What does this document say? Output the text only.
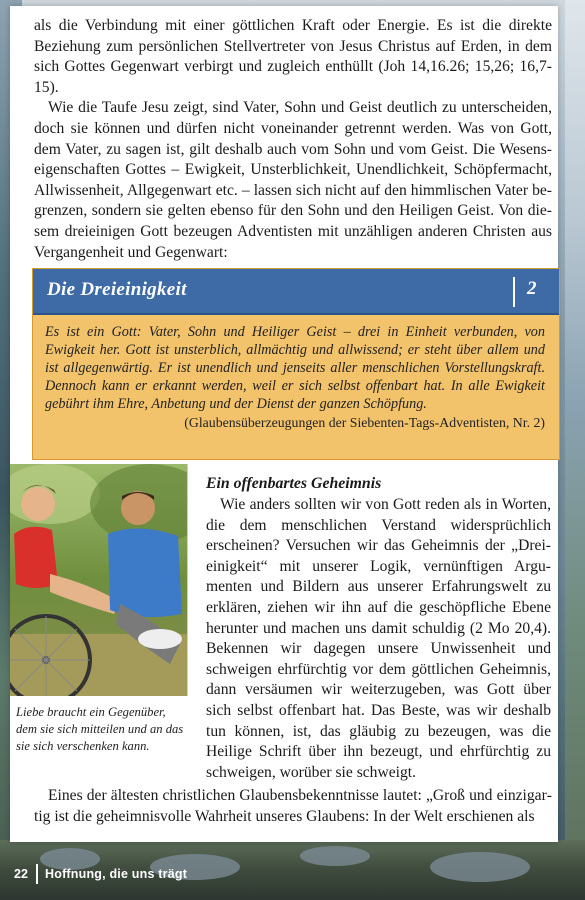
als die Verbindung mit einer göttlichen Kraft oder Energie. Es ist die direkte Beziehung zum persönlichen Stellvertreter von Jesus Christus auf Erden, in dem sich Gottes Gegenwart verbirgt und zugleich enthüllt (Joh 14,16.26; 15,26; 16,7-15).

Wie die Taufe Jesu zeigt, sind Vater, Sohn und Geist deutlich zu unterscheiden, doch sie können und dürfen nicht voneinander getrennt werden. Was von Gott, dem Vater, zu sagen ist, gilt deshalb auch vom Sohn und vom Geist. Die Wesenseigenschaften Gottes – Ewigkeit, Unsterblichkeit, Unendlichkeit, Schöpfermacht, Allwissenheit, Allgegenwart etc. – lassen sich nicht auf den himmlischen Vater begrenzen, sondern sie gelten ebenso für den Sohn und den Heiligen Geist. Von diesem dreieinigen Gott bezeugen Adventisten mit unzähligen anderen Christen aus Vergangenheit und Gegenwart:

Die Dreieinigkeit	2
Es ist ein Gott: Vater, Sohn und Heiliger Geist – drei in Einheit verbunden, von Ewigkeit her. Gott ist unsterblich, allmächtig und allwissend; er steht über allem und ist allgegenwärtig. Er ist unendlich und jenseits aller menschlichen Vorstellungskraft. Dennoch kann er erkannt werden, weil er sich selbst offenbart hat. In alle Ewigkeit gebührt ihm Ehre, Anbetung und der Dienst der ganzen Schöpfung.
(Glaubensüberzeugungen der Siebenten-Tags-Adventisten, Nr. 2)
Liebe braucht ein Gegenüber, dem sie sich mitteilen und an das sie sich verschenken kann.
Ein offenbartes Geheimnis

Wie anders sollten wir von Gott reden als in Worten, die dem menschlichen Verstand widersprüchlich erscheinen? Versuchen wir das Geheimnis der „Dreieinigkeit“ mit unserer Logik, vernünftigen Argumenten und Bildern aus unserer Erfahrungswelt zu erklären, ziehen wir ihn auf die geschöpfliche Ebene herunter und machen uns damit schuldig (2 Mo 20,4). Bekennen wir dagegen unsere Unwissenheit und schweigen ehrfürchtig vor dem göttlichen Geheimnis, dann versäumen wir weiterzugeben, was Gott über sich selbst offenbart hat. Das Beste, was wir deshalb tun können, ist, das gläubig zu bezeugen, was die Heilige Schrift über ihn bezeugt, und ehrfürchtig zu schweigen, worüber sie schweigt.

Eines der ältesten christlichen Glaubensbekenntnisse lautet: „Groß und einzigartig ist die geheimnisvolle Wahrheit unseres Glaubens: In der Welt erschienen als

22 Hoffnung, die uns trägt
